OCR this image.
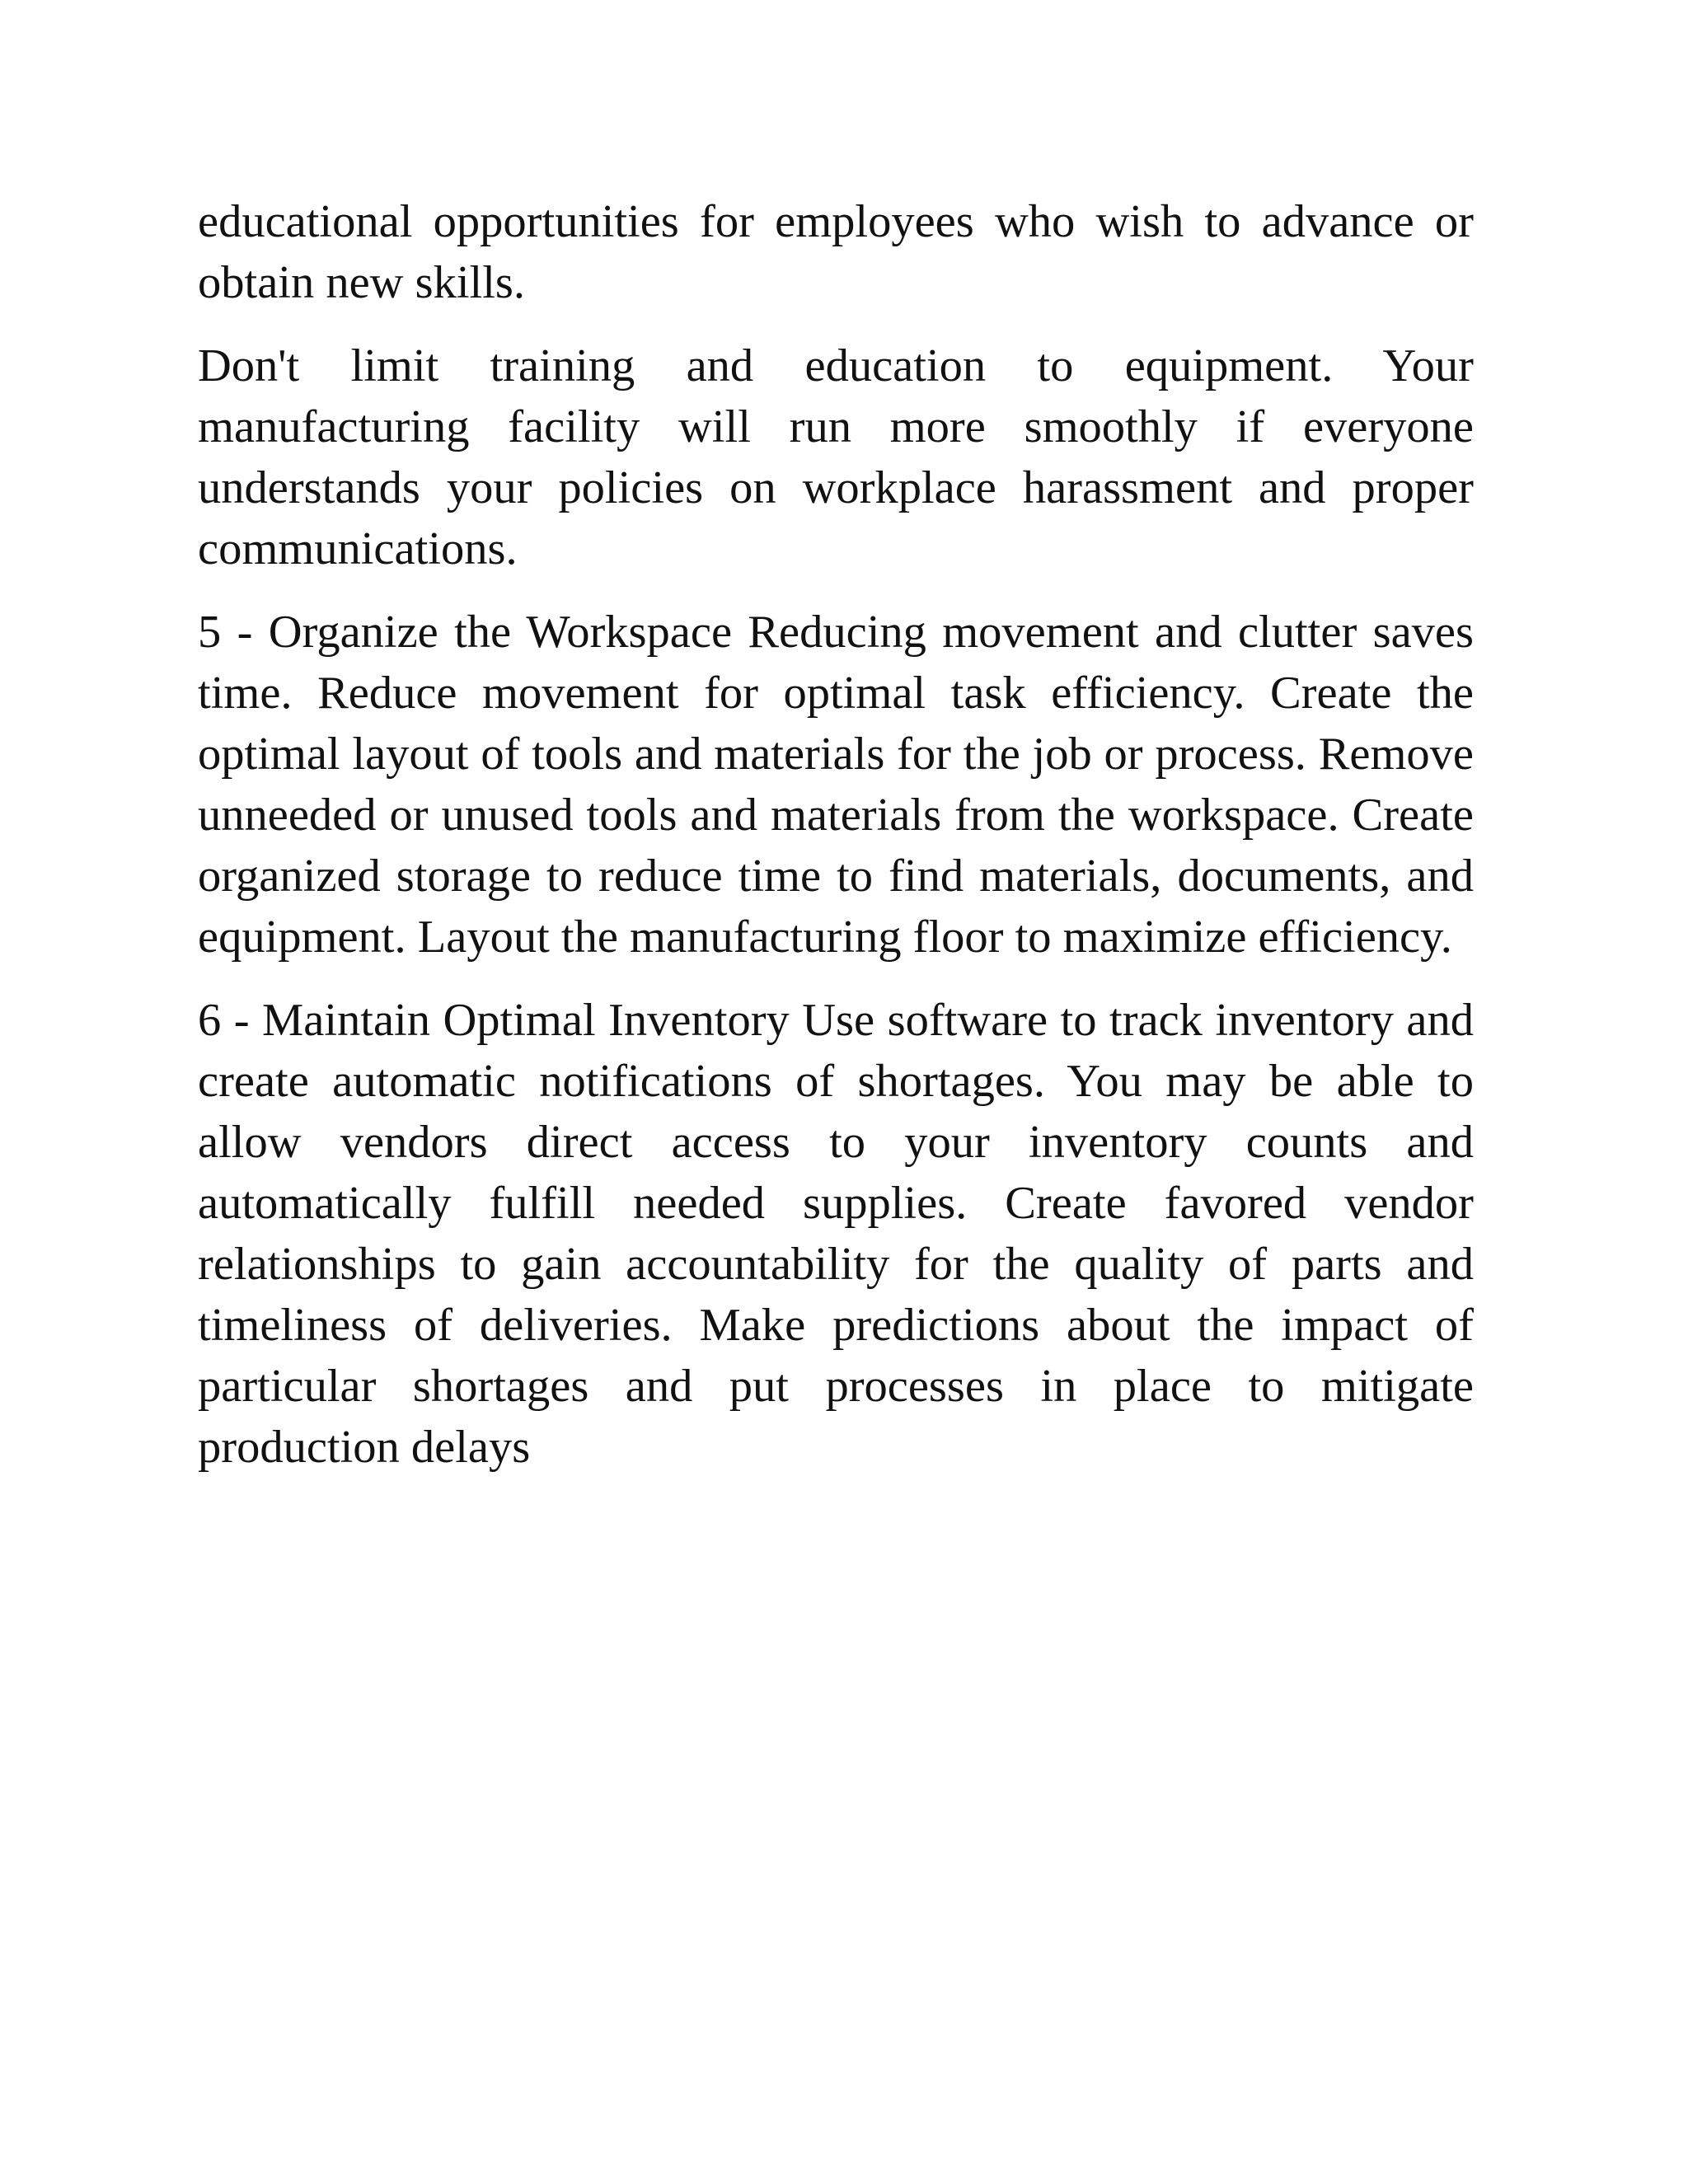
educational opportunities for employees who wish to advance or obtain new skills.

Don't limit training and education to equipment. Your manufacturing facility will run more smoothly if everyone understands your policies on workplace harassment and proper communications.

5 - Organize the Workspace Reducing movement and clutter saves time. Reduce movement for optimal task efficiency. Create the optimal layout of tools and materials for the job or process. Remove unneeded or unused tools and materials from the workspace. Create organized storage to reduce time to find materials, documents, and equipment. Layout the manufacturing floor to maximize efficiency.

6 - Maintain Optimal Inventory Use software to track inventory and create automatic notifications of shortages. You may be able to allow vendors direct access to your inventory counts and automatically fulfill needed supplies. Create favored vendor relationships to gain accountability for the quality of parts and timeliness of deliveries. Make predictions about the impact of particular shortages and put processes in place to mitigate production delays
